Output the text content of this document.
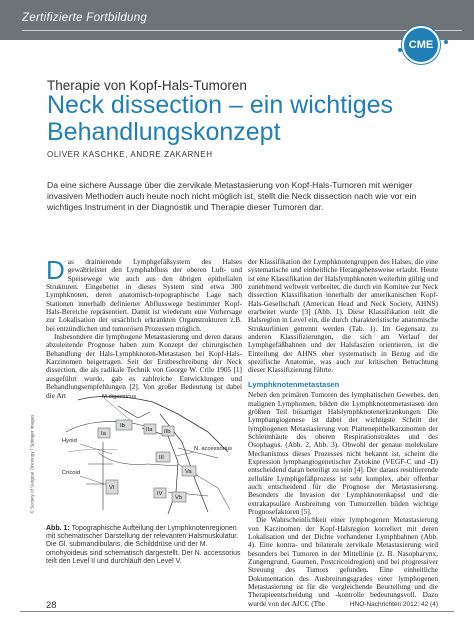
Zertifizierte Fortbildung
CME
Therapie von Kopf-Hals-Tumoren
Neck dissection – ein wichtiges Behandlungskonzept
OLIVER KASCHKE, ANDRE ZAKARNEH
Da eine sichere Aussage über die zervikale Metastasierung von Kopf-Hals-Tumoren mit weniger invasiven Methoden auch heute noch nicht möglich ist, stellt die Neck dissection nach wie vor ein wichtiges Instrument in der Diagnostik und Therapie dieser Tumoren dar.

Das drainierende Lymphgefäßsystem des Halses gewährleistet den Lymphabfluss der oberen Luft- und Speisewege wie auch aus den übrigen epithelialen Strukturen. Eingebettet in dieses System sind etwa 300 Lymphknoten, deren anatomisch-topographische Lage nach Stationen innerhalb definierter Abflusswege bestimmter Kopf-Hals-Bereiche repräsentiert. Damit ist wiederum eine Vorhersage zur Lokalisation der ursächlich erkrankten Organstrukturen z.B. bei entzündlichen und tumorösen Prozessen möglich.

Insbesondere die lymphogene Metastasierung und deren daraus abzuleitende Prognose haben zum Konzept der chirurgischen Behandlung der Hals-Lymphknoten-Metastasen bei Kopf-Hals-Karzinomen beigetragen. Seit der Erstbeschreibung der Neck dissection, die als radikale Technik von George W. Crile 1905 [1] ausgeführt wurde, gab es zahlreiche Entwicklungen und Behandlungsempfehlungen [2]. Von großer Bedeutung ist dabei die Art

© Society of Surgical Oncology / Springer Images
M.digastricus
Ib
Ia
IIa IIb
Hyoid
III
N. accessorius
Cricoid	Va
VI
Vb
IV
Abb. 1: Topographische Aufteilung der Lymphknotenregionen mit schematischer Darstellung der relevanten Halsmuskulatur. Die Gl. submandibularis, die Schilddrüse und der M. omohyoideus sind schematisch dargestellt. Der N. accessorius teilt den Level II und durchläuft den Level V.

der Klassifikation der Lymphknotengruppen des Halses, die eine systematische und einheitliche Herangehensweise erlaubt. Heute ist eine Klassifikation der Halslymphknoten weiterhin gültig und zunehmend weltweit verbreitet, die durch ein Komitee zur Neck dissection Klassifikation innerhalb der amerikanischen Kopf-Hals-Gesellschaft (American Head and Neck Society, AHNS) erarbeitet wurde [3] (Abb. 1). Diese Klassifikation teilt die Halsregion in Level ein, die durch charakteristische anatomische Strukturlinien getrennt werden (Tab. 1). Im Gegensatz zu anderen Klassifizierungen, die sich am Verlauf der Lymphgefäßbahnen und der Halsfaszien orientieren, ist die Einteilung der AHNS eher systematisch in Bezug auf die spezifische Anatomie, was auch zur kritischen Betrachtung dieser Klassifizierung führte.

Lymphknotenmetastasen

Neben den primären Tumoren des lymphatischen Gewebes, den malignen Lymphomen, bilden die Lymphknotenmetastasen den größten Teil bösartiger Halslymphknotenerkrankungen. Die Lymphangiogenese ist dabei der wichtigste Schritt der lymphogenen Metastasierung von Plattenepithelkarzinomen der Schleimhäute des oberen Respirationstraktes und des Ösophagus. (Abb. 2, Abb. 3). Obwohl der genaue molekulare Mechanismus dieses Prozesses nicht bekannt ist, scheint die Expression lymphangiogenetischer Zytokine (VEGF-C und -D) entscheidend daran beteiligt zu sein [4]. Der daraus resultierende zelluläre Lymphgefäßprozess ist sehr komplex, aber offenbar auch entscheidend für die Prognose der Metastasierung. Besonders die Invasion der Lymphknotenkapsel und die extrakapsuläre Ausbreitung von Tumorzellen bilden wichtige Prognosefaktoren [5].

Die Wahrscheinlichkeit einer lymphogenen Metastasierung von Karzinomen der Kopf-Halsregion korreliert mit deren Lokalisation und der Dichte vorhandener Lymphbahnen (Abb. 4). Eine kontra- und bilaterale zervikale Metastasierung wird besonders bei Tumoren in der Mittellinie (z. B. Nasopharynx, Zungengrund, Gaumen, Postcricoidregion) und bei progressiver Streuung des Tumors gefunden. Eine einheitliche Dokumentation des Ausbreitungsgrades einer lymphogenen Metastasierung ist für die vergleichende Beurteilung und die Therapieentscheidung und -kontrolle bedeutungsvoll. Dazu wurde von der AJCC (The

28	HNO-Nachrichten 2012; 42 (4)
